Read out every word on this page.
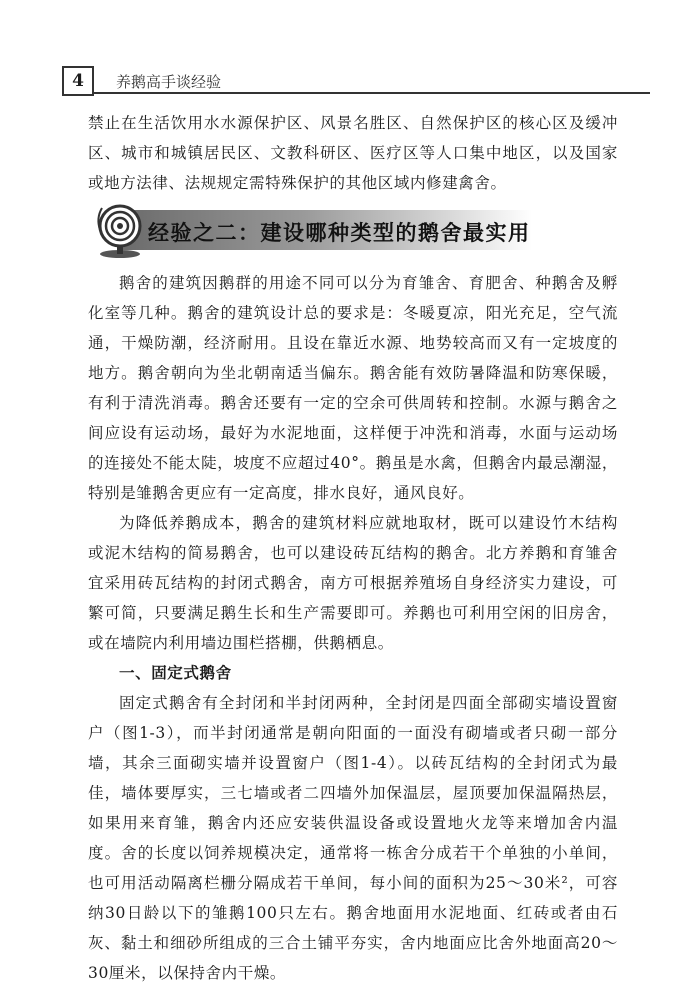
4	养鹅高手谈经验

禁止在生活饮用水水源保护区、风景名胜区、自然保护区的核心区及缓冲区、城市和城镇居民区、文教科研区、医疗区等人口集中地区，以及国家或地方法律、法规规定需特殊保护的其他区域内修建禽舍。

经验之二：建设哪种类型的鹅舍最实用

鹅舍的建筑因鹅群的用途不同可以分为育雏舍、育肥舍、种鹅舍及孵化室等几种。鹅舍的建筑设计总的要求是：冬暖夏凉，阳光充足，空气流通，干燥防潮，经济耐用。且设在靠近水源、地势较高而又有一定坡度的地方。鹅舍朝向为坐北朝南适当偏东。鹅舍能有效防暑降温和防寒保暖，有利于清洗消毒。鹅舍还要有一定的空余可供周转和控制。水源与鹅舍之间应设有运动场，最好为水泥地面，这样便于冲洗和消毒，水面与运动场的连接处不能太陡，坡度不应超过40°。鹅虽是水禽，但鹅舍内最忌潮湿，特别是雏鹅舍更应有一定高度，排水良好，通风良好。

为降低养鹅成本，鹅舍的建筑材料应就地取材，既可以建设竹木结构或泥木结构的简易鹅舍，也可以建设砖瓦结构的鹅舍。北方养鹅和育雏舍宜采用砖瓦结构的封闭式鹅舍，南方可根据养殖场自身经济实力建设，可繁可简，只要满足鹅生长和生产需要即可。养鹅也可利用空闲的旧房舍，或在墙院内利用墙边围栏搭棚，供鹅栖息。

一、固定式鹅舍

固定式鹅舍有全封闭和半封闭两种，全封闭是四面全部砌实墙设置窗户（图1-3），而半封闭通常是朝向阳面的一面没有砌墙或者只砌一部分墙，其余三面砌实墙并设置窗户（图1-4）。以砖瓦结构的全封闭式为最佳，墙体要厚实，三七墙或者二四墙外加保温层，屋顶要加保温隔热层，如果用来育雏，鹅舍内还应安装供温设备或设置地火龙等来增加舍内温度。舍的长度以饲养规模决定，通常将一栋舍分成若干个单独的小单间，也可用活动隔离栏栅分隔成若干单间，每小间的面积为25～30米²，可容纳30日龄以下的雏鹅100只左右。鹅舍地面用水泥地面、红砖或者由石灰、黏土和细砂所组成的三合土铺平夯实，舍内地面应比舍外地面高20～30厘米，以保持舍内干燥。
